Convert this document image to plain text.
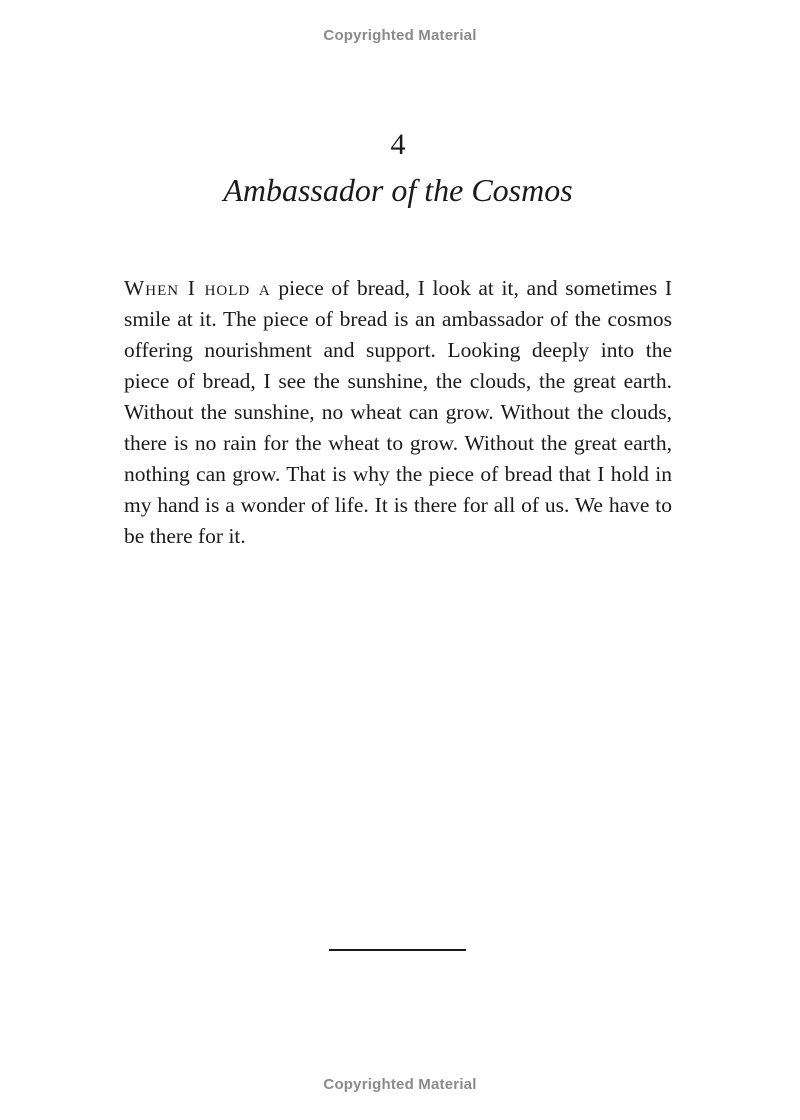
Copyrighted Material
4
Ambassador of the Cosmos

When I hold a piece of bread, I look at it, and sometimes I smile at it. The piece of bread is an ambassador of the cosmos offering nourishment and support. Looking deeply into the piece of bread, I see the sunshine, the clouds, the great earth. Without the sunshine, no wheat can grow. Without the clouds, there is no rain for the wheat to grow. Without the great earth, nothing can grow. That is why the piece of bread that I hold in my hand is a wonder of life. It is there for all of us. We have to be there for it.

Copyrighted Material
